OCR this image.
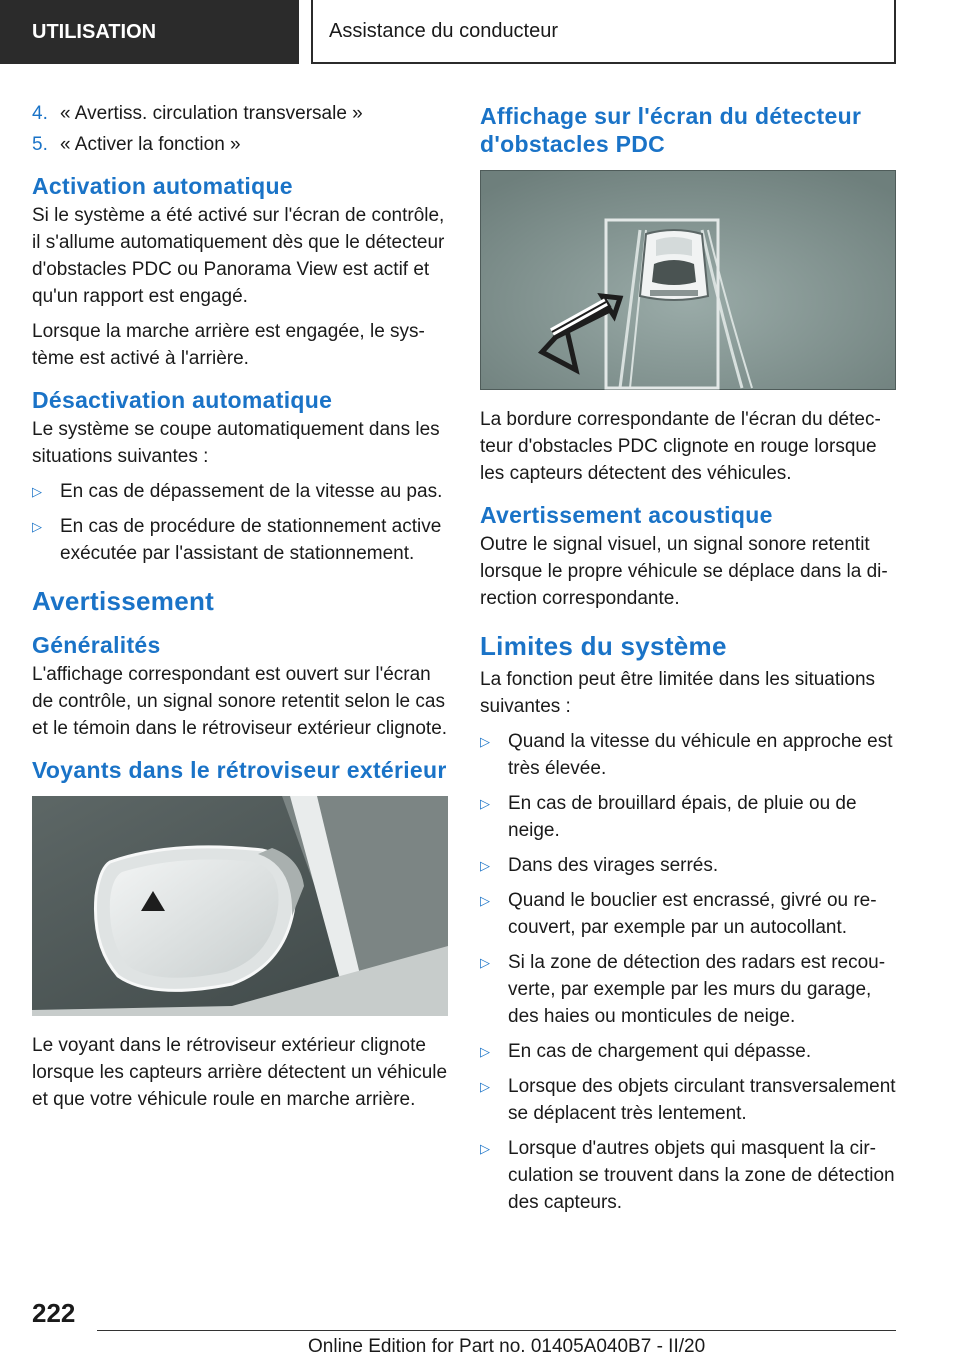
UTILISATION	Assistance du conducteur
4. « Avertiss. circulation transversale »
5. « Activer la fonction »
Activation automatique

Si le système a été activé sur l'écran de contrôle, il s'allume automatiquement dès que le détecteur d'obstacles PDC ou Panorama View est actif et qu'un rapport est engagé.

Lorsque la marche arrière est engagée, le système est activé à l'arrière.

Désactivation automatique

Le système se coupe automatiquement dans les situations suivantes :

▷ En cas de dépassement de la vitesse au pas.
▷ En cas de procédure de stationnement active exécutée par l'assistant de stationnement.
Avertissement
Généralités

L'affichage correspondant est ouvert sur l'écran de contrôle, un signal sonore retentit selon le cas et le témoin dans le rétroviseur extérieur clignote.

Voyants dans le rétroviseur extérieur

Le voyant dans le rétroviseur extérieur clignote lorsque les capteurs arrière détectent un véhicule et que votre véhicule roule en marche arrière.

Affichage sur l'écran du détecteur d'obstacles PDC

La bordure correspondante de l'écran du détecteur d'obstacles PDC clignote en rouge lorsque les capteurs détectent des véhicules.

Avertissement acoustique

Outre le signal visuel, un signal sonore retentit lorsque le propre véhicule se déplace dans la direction correspondante.

Limites du système

La fonction peut être limitée dans les situations suivantes :

▷ Quand la vitesse du véhicule en approche est très élevée.
▷ En cas de brouillard épais, de pluie ou de neige.
▷ Dans des virages serrés.
▷ Quand le bouclier est encrassé, givré ou recouvert, par exemple par un autocollant.
▷ Si la zone de détection des radars est recouverte, par exemple par les murs du garage, des haies ou monticules de neige.
▷ En cas de chargement qui dépasse.
▷ Lorsque des objets circulant transversalement se déplacent très lentement.
▷ Lorsque d'autres objets qui masquent la circulation se trouvent dans la zone de détection des capteurs.
222
Online Edition for Part no. 01405A040B7 - II/20
